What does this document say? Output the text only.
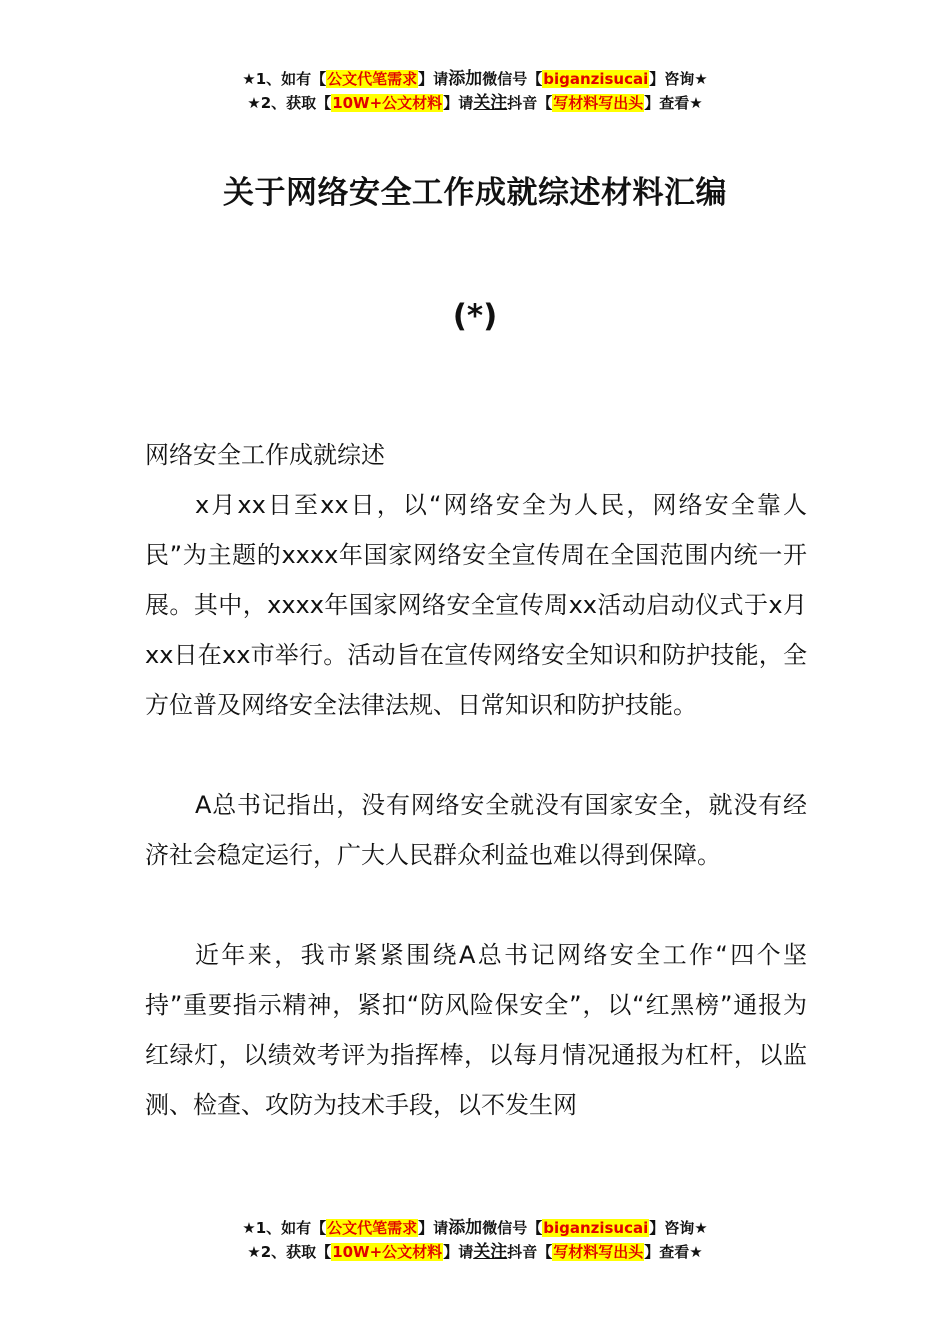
★1、如有【公文代笔需求】请添加微信号【biganzisucai】咨询★
★2、获取【10W+公文材料】请关注抖音【写材料写出头】查看★
关于网络安全工作成就综述材料汇编
(*)

网络安全工作成就综述

x月xx日至xx日，以“网络安全为人民，网络安全靠人民”为主题的xxxx年国家网络安全宣传周在全国范围内统一开展。其中，xxxx年国家网络安全宣传周xx活动启动仪式于x月xx日在xx市举行。活动旨在宣传网络安全知识和防护技能，全方位普及网络安全法律法规、日常知识和防护技能。

A总书记指出，没有网络安全就没有国家安全，就没有经济社会稳定运行，广大人民群众利益也难以得到保障。

近年来，我市紧紧围绕A总书记网络安全工作“四个坚持”重要指示精神，紧扣“防风险保安全”，以“红黑榜”通报为红绿灯，以绩效考评为指挥棒，以每月情况通报为杠杆，以监测、检查、攻防为技术手段，以不发生网

★1、如有【公文代笔需求】请添加微信号【biganzisucai】咨询★
★2、获取【10W+公文材料】请关注抖音【写材料写出头】查看★
